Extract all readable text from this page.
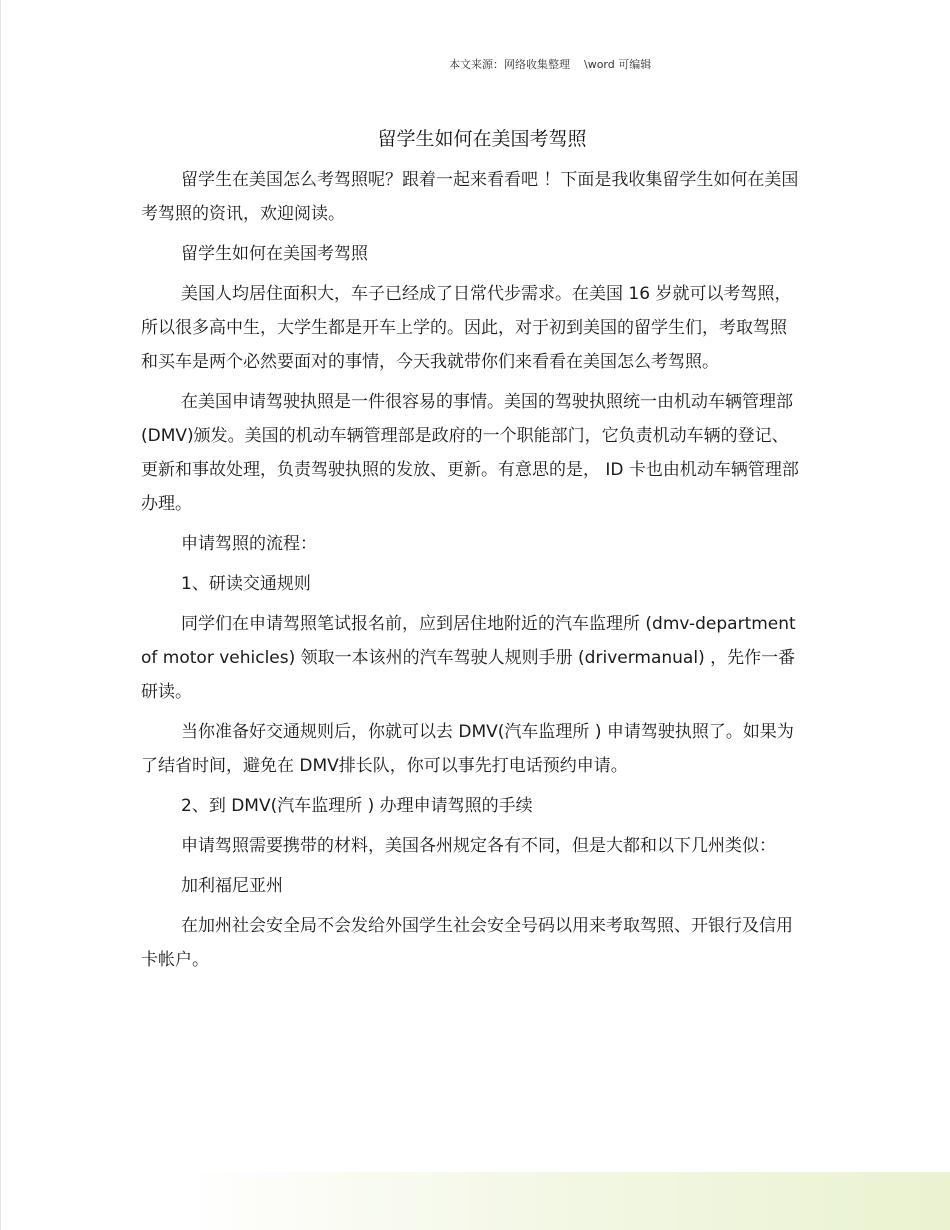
本文来源：网络收集整理    \word 可编辑
留学生如何在美国考驾照

留学生在美国怎么考驾照呢？跟着一起来看看吧 ！下面是我收集留学生如何在美国考驾照的资讯，欢迎阅读。

留学生如何在美国考驾照

美国人均居住面积大，车子已经成了日常代步需求。在美国 16 岁就可以考驾照，所以很多高中生，大学生都是开车上学的。因此，对于初到美国的留学生们，考取驾照和买车是两个必然要面对的事情，今天我就带你们来看看在美国怎么考驾照。

在美国申请驾驶执照是一件很容易的事情。美国的驾驶执照统一由机动车辆管理部 (DMV)颁发。美国的机动车辆管理部是政府的一个职能部门，它负责机动车辆的登记、更新和事故处理，负责驾驶执照的发放、更新。有意思的是， ID 卡也由机动车辆管理部办理。

申请驾照的流程：

1、研读交通规则

同学们在申请驾照笔试报名前，应到居住地附近的汽车监理所 (dmv-department of motor vehicles) 领取一本该州的汽车驾驶人规则手册 (drivermanual) ，先作一番研读。

当你准备好交通规则后，你就可以去 DMV(汽车监理所 ) 申请驾驶执照了。如果为了结省时间，避免在 DMV排长队，你可以事先打电话预约申请。

2、到 DMV(汽车监理所 ) 办理申请驾照的手续

申请驾照需要携带的材料，美国各州规定各有不同，但是大都和以下几州类似：

加利福尼亚州

在加州社会安全局不会发给外国学生社会安全号码以用来考取驾照、开银行及信用卡帐户。
